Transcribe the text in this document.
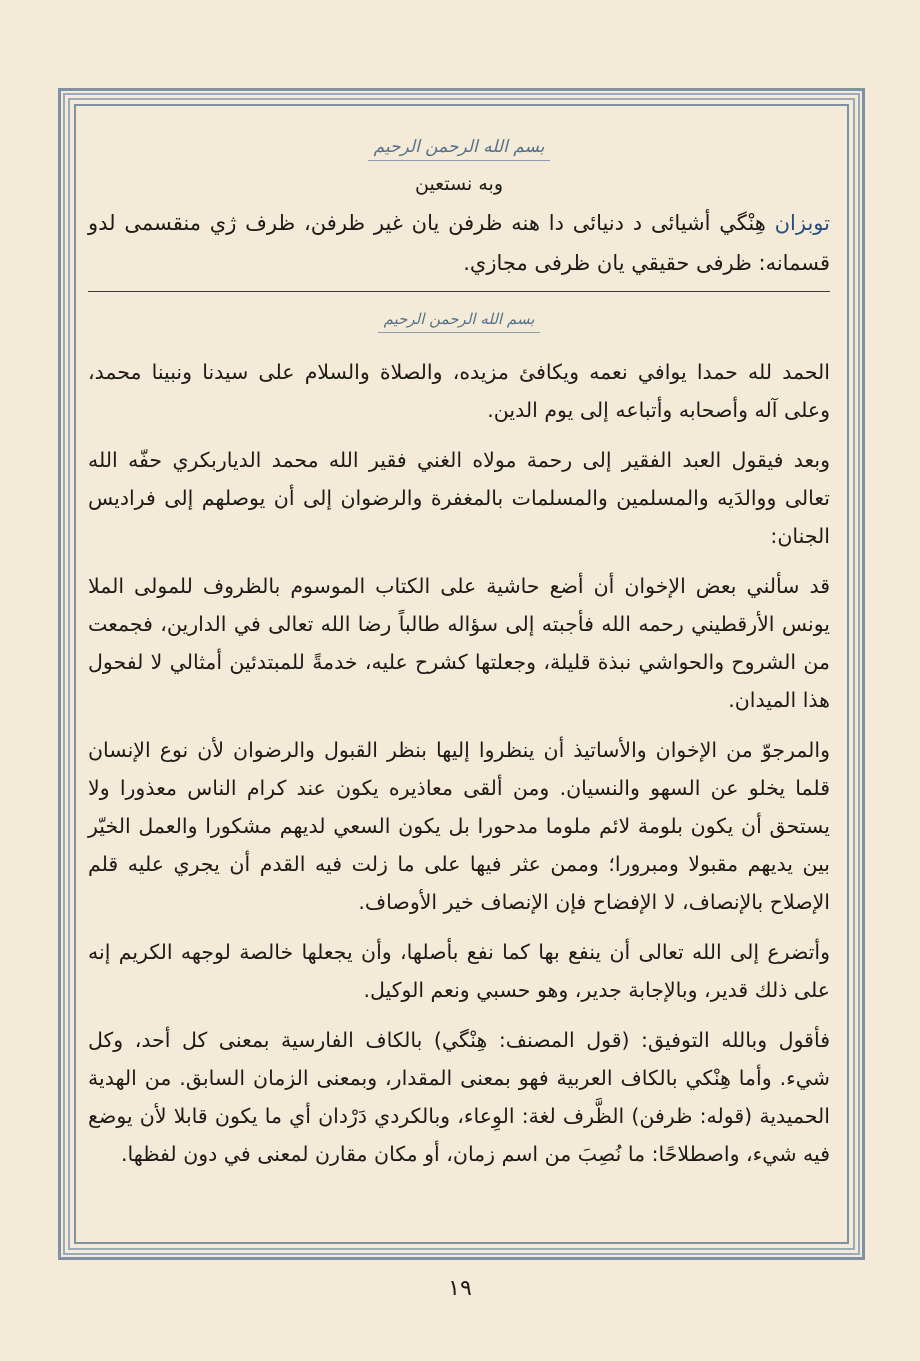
بسم الله الرحمن الرحيم
وبه نستعين
توبزان هِنْگي أشيائى د دنيائى دا هنه ظرفن يان غير ظرفن، ظرف ژي منقسمى لدو قسمانه: ظرفى حقيقي يان ظرفى مجازي.
بسم الله الرحمن الرحيم

الحمد لله حمدا يوافي نعمه ويكافئ مزيده، والصلاة والسلام على سيدنا ونبينا محمد، وعلى آله وأصحابه وأتباعه إلى يوم الدين.

وبعد فيقول العبد الفقير إلى رحمة مولاه الغني فقير الله محمد الدياربكري حفّه الله تعالى ووالدَيه والمسلمين والمسلمات بالمغفرة والرضوان إلى أن يوصلهم إلى فراديس الجنان:

قد سألني بعض الإخوان أن أضع حاشية على الكتاب الموسوم بالظروف للمولى الملا يونس الأرقطيني رحمه الله فأجبته إلى سؤاله طالباً رضا الله تعالى في الدارين، فجمعت من الشروح والحواشي نبذة قليلة، وجعلتها كشرح عليه، خدمةً للمبتدئين أمثالي لا لفحول هذا الميدان.

والمرجوّ من الإخوان والأساتيذ أن ينظروا إليها بنظر القبول والرضوان لأن نوع الإنسان قلما يخلو عن السهو والنسيان. ومن ألقى معاذيره يكون عند كرام الناس معذورا ولا يستحق أن يكون بلومة لائم ملوما مدحورا بل يكون السعي لديهم مشكورا والعمل الخيّر بين يديهم مقبولا ومبرورا؛ وممن عثر فيها على ما زلت فيه القدم أن يجري عليه قلم الإصلاح بالإنصاف، لا الإفضاح فإن الإنصاف خير الأوصاف.

وأتضرع إلى الله تعالى أن ينفع بها كما نفع بأصلها، وأن يجعلها خالصة لوجهه الكريم إنه على ذلك قدير، وبالإجابة جدير، وهو حسبي ونعم الوكيل.

فأقول وبالله التوفيق: (قول المصنف: هِنْگي) بالكاف الفارسية بمعنى كل أحد، وكل شيء. وأما هِنْكي بالكاف العربية فهو بمعنى المقدار، وبمعنى الزمان السابق. من الهدية الحميدية (قوله: ظرفن) الظَّرف لغة: الوِعاء، وبالكردي دَرْدان أي ما يكون قابلا لأن يوضع فيه شيء، واصطلاحًا: ما نُصِبَ من اسم زمان، أو مكان مقارن لمعنى في دون لفظها.

١٩
